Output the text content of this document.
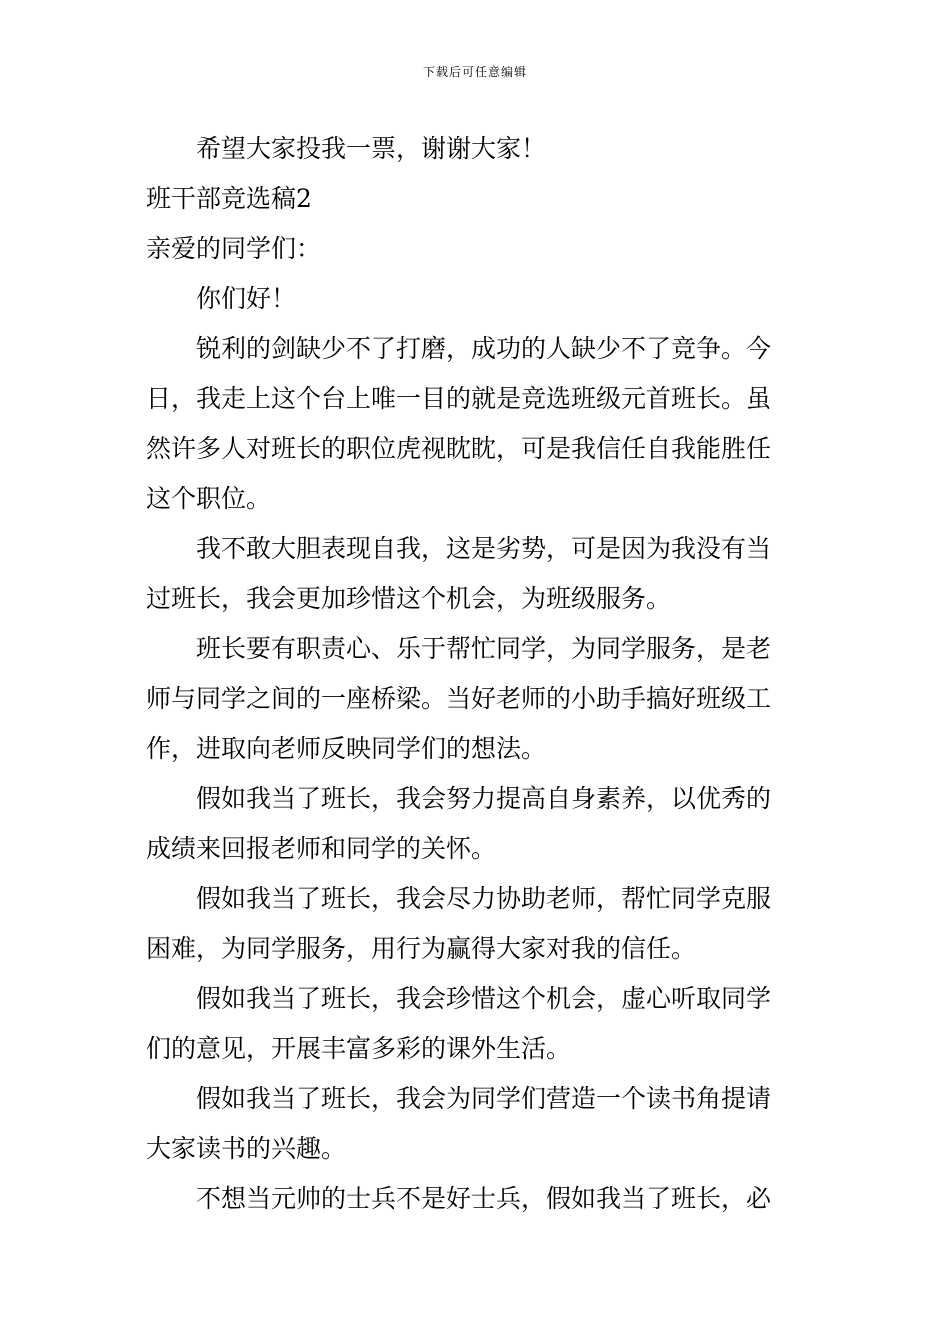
下载后可任意编辑
希望大家投我一票，谢谢大家！
班干部竞选稿2
亲爱的同学们：
你们好！
锐利的剑缺少不了打磨，成功的人缺少不了竞争。今
日，我走上这个台上唯一目的就是竞选班级元首班长。虽
然许多人对班长的职位虎视眈眈，可是我信任自我能胜任
这个职位。
我不敢大胆表现自我，这是劣势，可是因为我没有当
过班长，我会更加珍惜这个机会，为班级服务。
班长要有职责心、乐于帮忙同学，为同学服务，是老
师与同学之间的一座桥梁。当好老师的小助手搞好班级工
作，进取向老师反映同学们的想法。
假如我当了班长，我会努力提高自身素养，以优秀的
成绩来回报老师和同学的关怀。
假如我当了班长，我会尽力协助老师，帮忙同学克服
困难，为同学服务，用行为赢得大家对我的信任。
假如我当了班长，我会珍惜这个机会，虚心听取同学
们的意见，开展丰富多彩的课外生活。
假如我当了班长，我会为同学们营造一个读书角提请
大家读书的兴趣。
不想当元帅的士兵不是好士兵，假如我当了班长，必
